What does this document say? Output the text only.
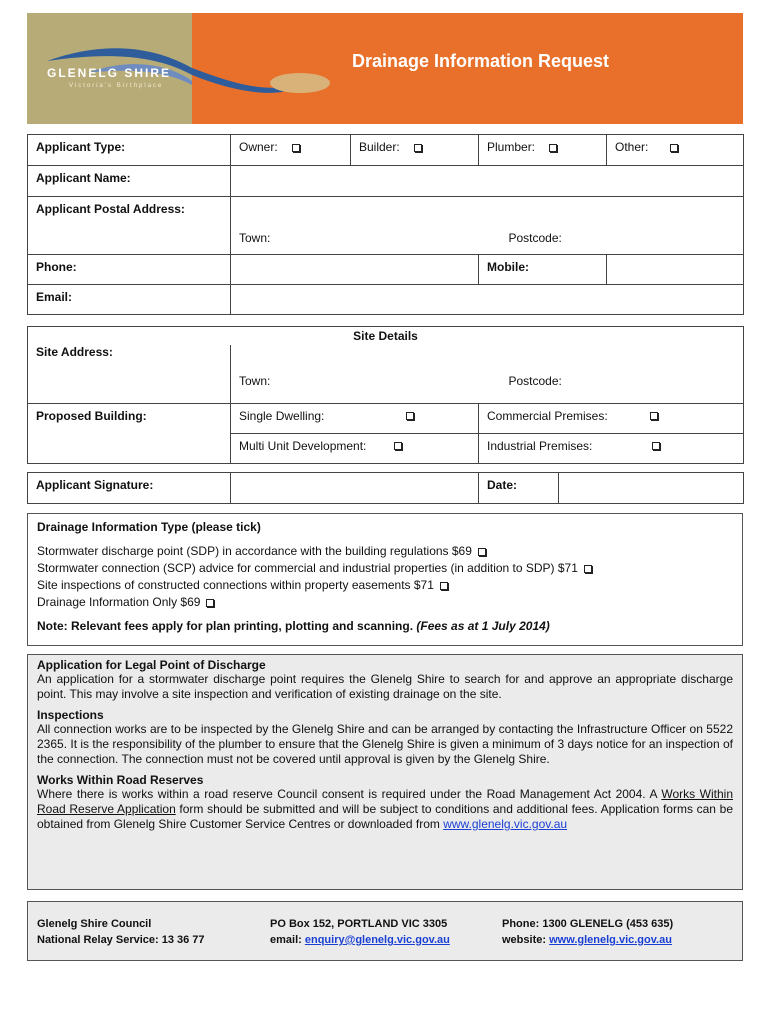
GLENELG SHIRE
Victoria's Birthplace
Drainage Information Request
Applicant Type:	Owner:	Builder:	Plumber:	Other:
Applicant Name:				
Applicant Postal Address:				
	Town:		Postcode:	
Phone:			Mobile:	
Email:				
Site Details		
Site Address:		
	Town:	Postcode:
Proposed Building:	Single Dwelling:	Commercial Premises:
	Multi Unit Development:	Industrial Premises:
Applicant Signature:		Date:	
Drainage Information Type (please tick)
Stormwater discharge point (SDP) in accordance with the building regulations $69
Stormwater connection (SCP) advice for commercial and industrial properties (in addition to SDP) $71
Site inspections of constructed connections within property easements $71
Drainage Information Only $69
Note: Relevant fees apply for plan printing, plotting and scanning. (Fees as at 1 July 2014)

Application for Legal Point of Discharge

An application for a stormwater discharge point requires the Glenelg Shire to search for and approve an appropriate discharge point. This may involve a site inspection and verification of existing drainage on the site.

Inspections

All connection works are to be inspected by the Glenelg Shire and can be arranged by contacting the Infrastructure Officer on 5522 2365. It is the responsibility of the plumber to ensure that the Glenelg Shire is given a minimum of 3 days notice for an inspection of the connection. The connection must not be covered until approval is given by the Glenelg Shire.

Works Within Road Reserves

Where there is works within a road reserve Council consent is required under the Road Management Act 2004. A Works Within Road Reserve Application form should be submitted and will be subject to conditions and additional fees. Application forms can be obtained from Glenelg Shire Customer Service Centres or downloaded from www.glenelg.vic.gov.au

Glenelg Shire Council
National Relay Service: 13 36 77
PO Box 152, PORTLAND VIC 3305
email: enquiry@glenelg.vic.gov.au
Phone: 1300 GLENELG (453 635)
website: www.glenelg.vic.gov.au
